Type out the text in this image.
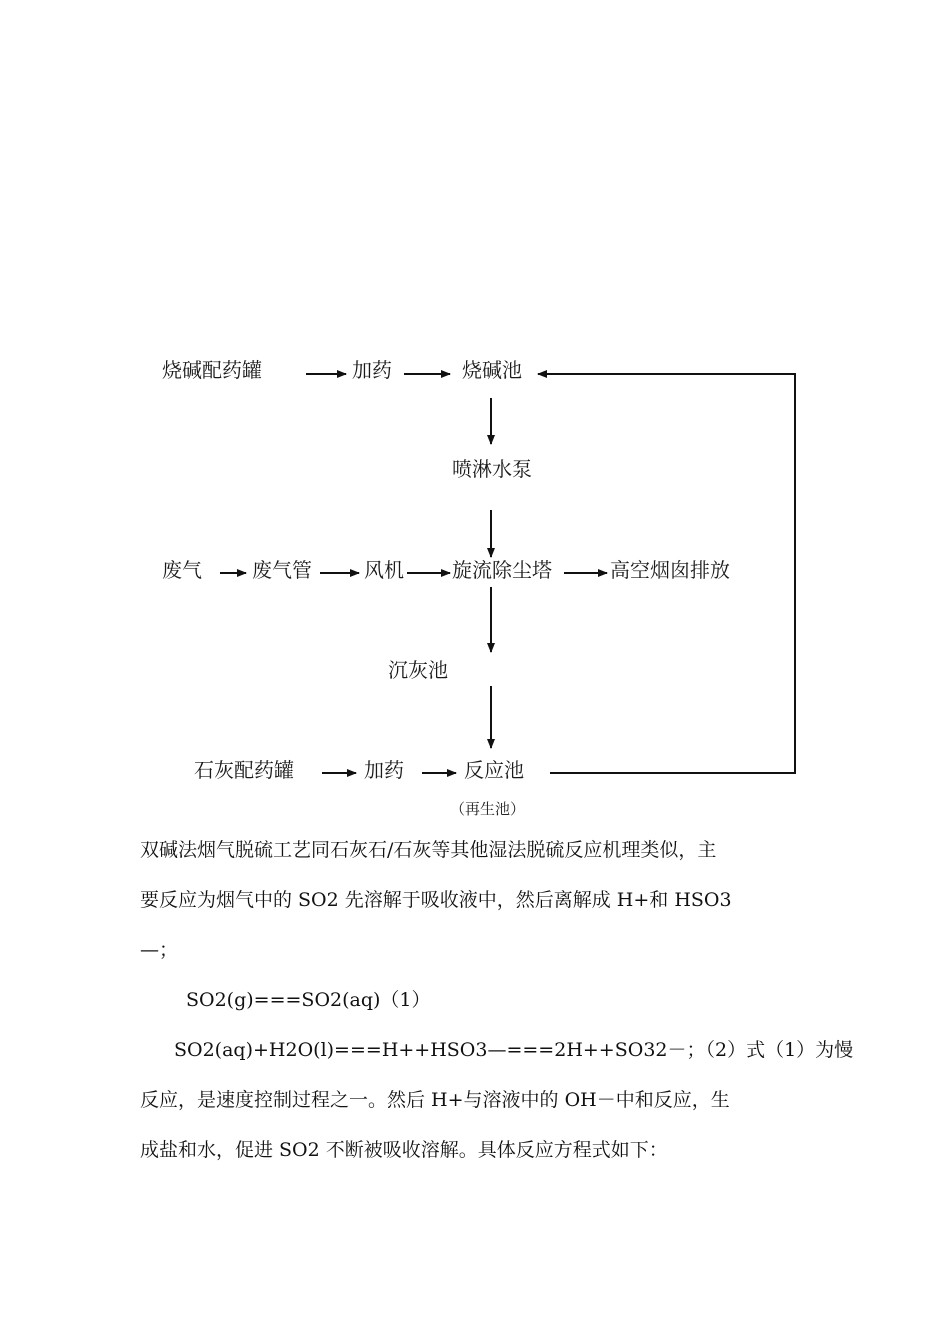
烧碱配药罐	加药	烧碱池
喷淋水泵
废气	废气管	风机 旋流除尘塔	高空烟囱排放
沉灰池
石灰配药罐	加药	反应池
（再生池）
双碱法烟气脱硫工艺同石灰石/石灰等其他湿法脱硫反应机理类似，主
要反应为烟气中的 SO2 先溶解于吸收液中，然后离解成 H+和 HSO3
—；
SO2(g)===SO2(aq)（1）
SO2(aq)+H2O(l)===H++HSO3—===2H++SO32－；（2）式（1）为慢
反应，是速度控制过程之一。然后 H+与溶液中的 OH－中和反应，生
成盐和水，促进 SO2 不断被吸收溶解。具体反应方程式如下：
